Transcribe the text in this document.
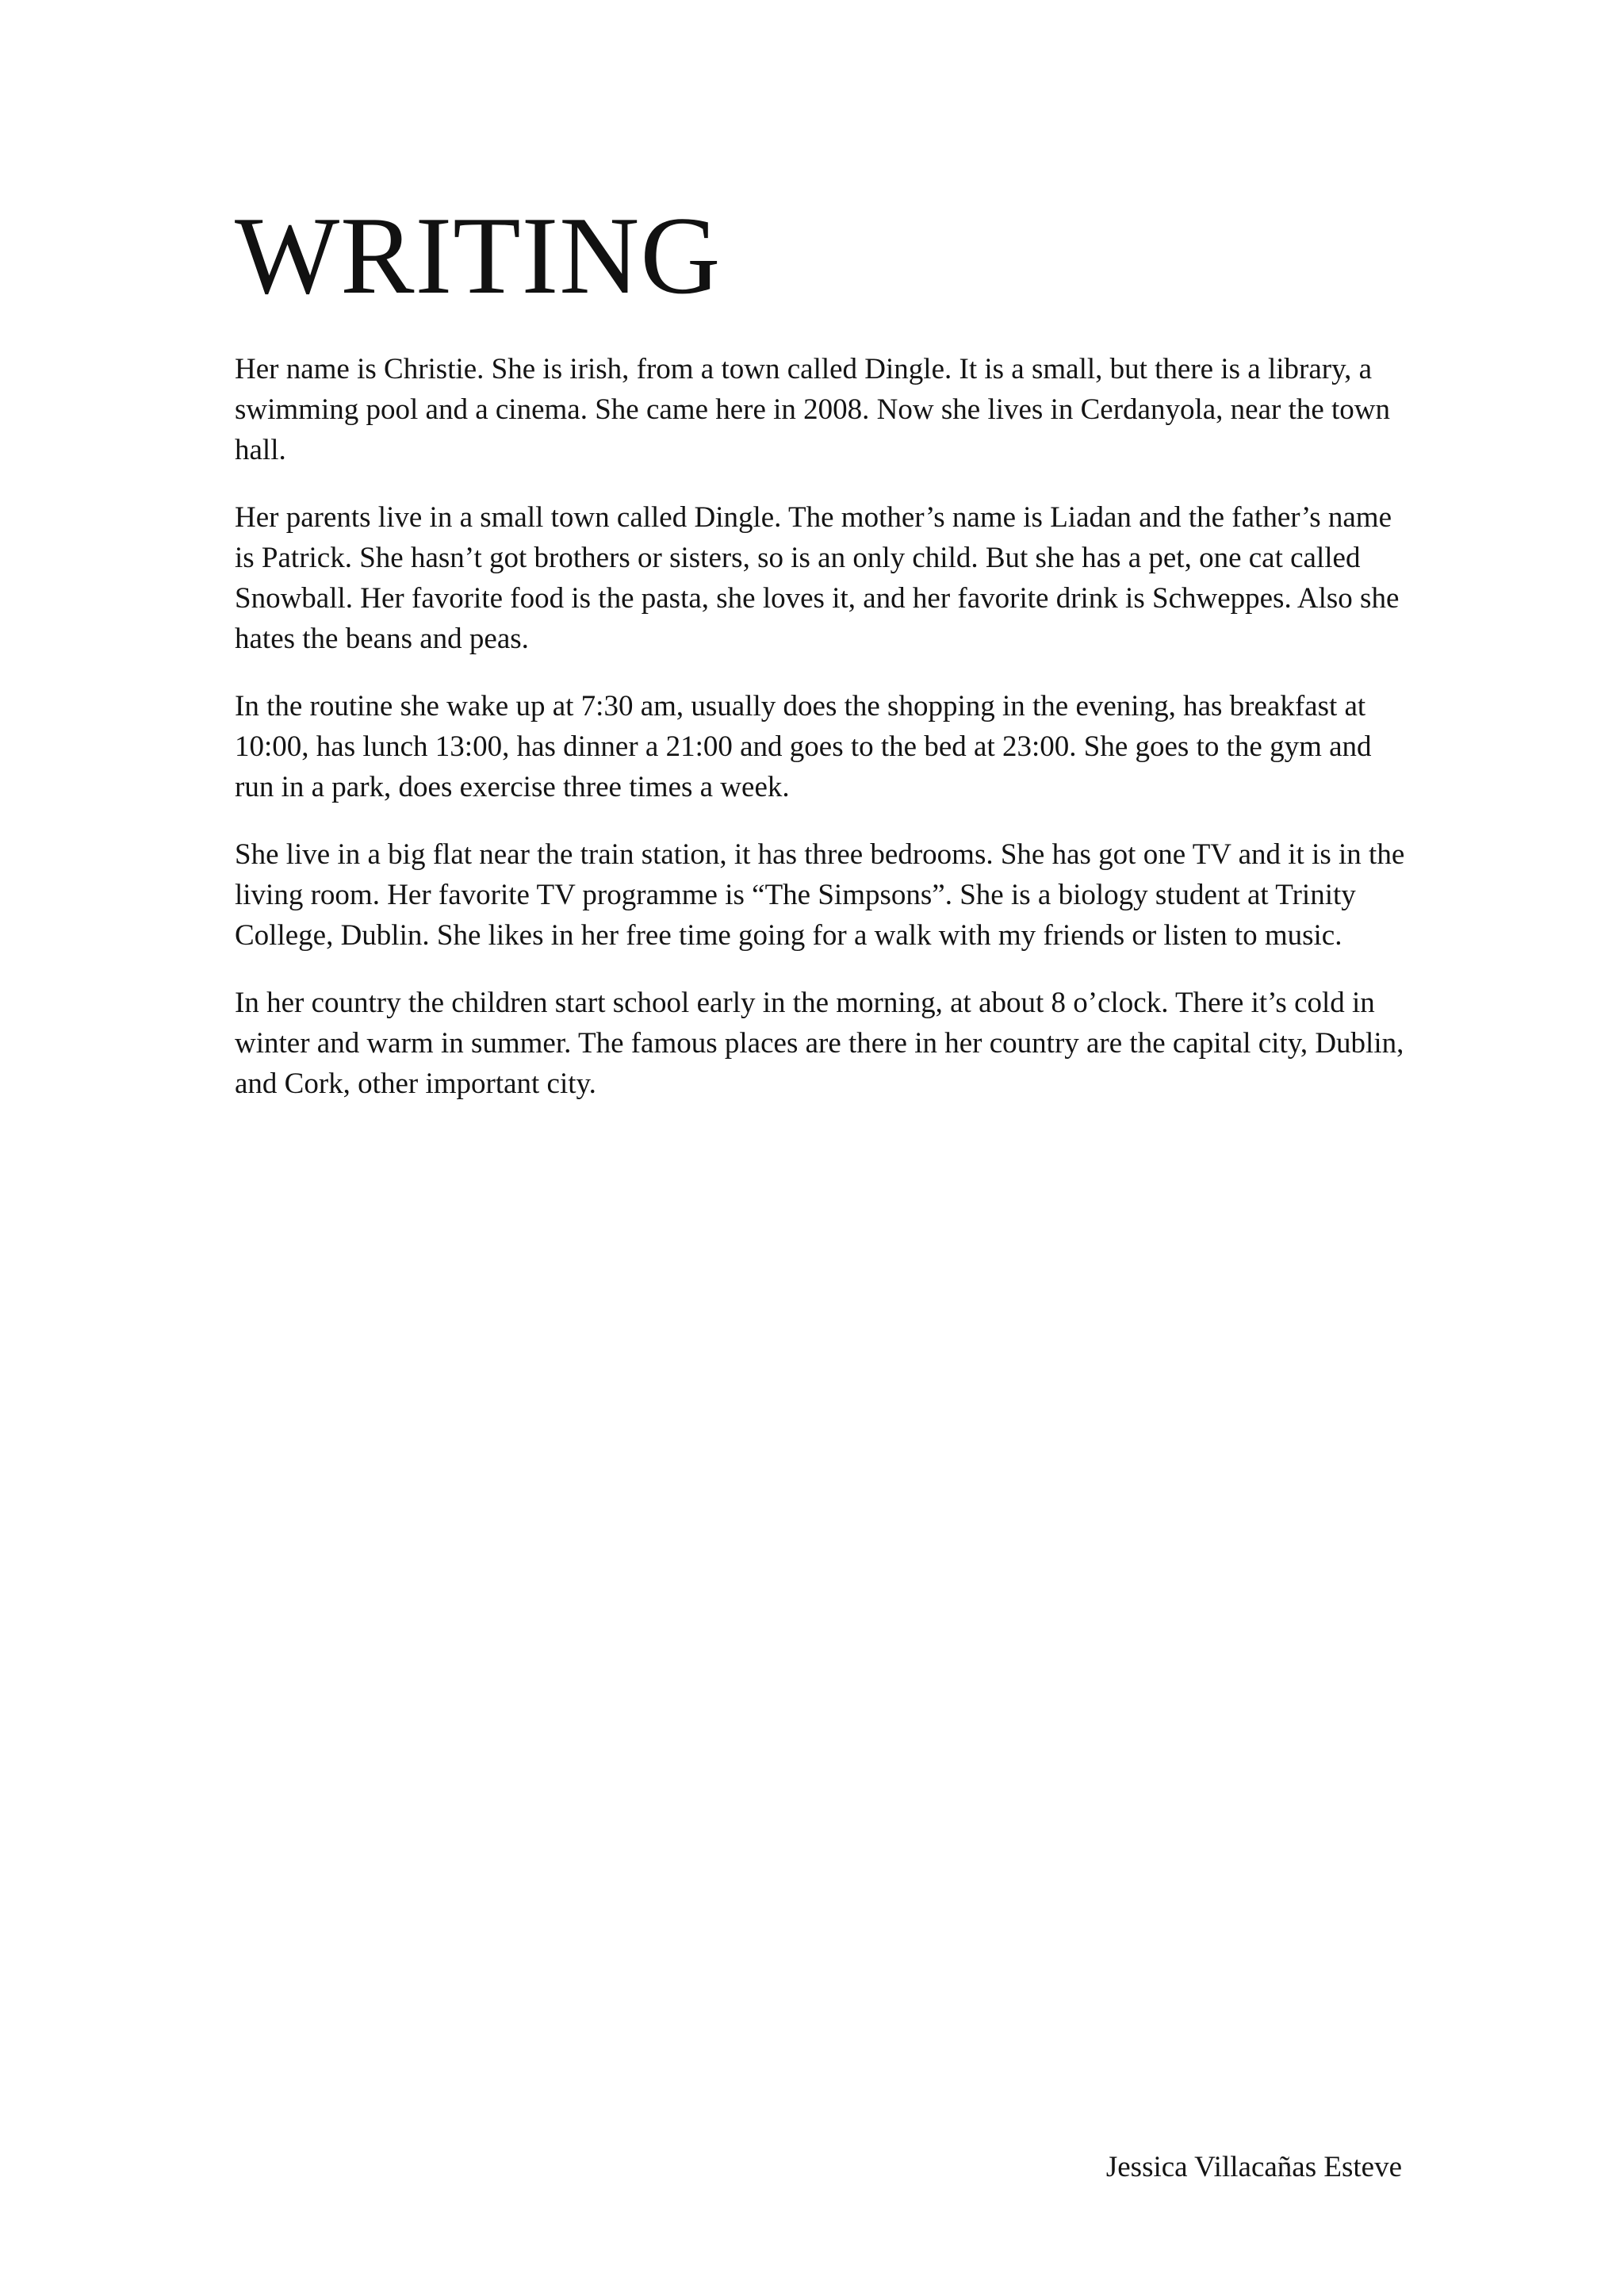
WRITING

Her name is Christie. She is irish, from a town called Dingle. It is a small, but there is a library, a swimming pool and a cinema. She came here in 2008. Now she lives in Cerdanyola, near the town hall.

Her parents live in a small town called Dingle. The mother’s name is Liadan and the father’s name is Patrick. She hasn’t got brothers or sisters, so is an only child. But she has a pet, one cat called Snowball. Her favorite food is the pasta, she loves it, and her favorite drink is Schweppes. Also she hates the beans and peas.

In the routine she wake up at 7:30 am, usually does the shopping in the evening, has breakfast at 10:00, has lunch 13:00, has dinner a 21:00 and goes to the bed at 23:00. She goes to the gym and run in a park, does exercise three times a week.

She live in a big flat near the train station, it has three bedrooms. She has got one TV and it is in the living room. Her favorite TV programme is “The Simpsons”. She is a biology student at Trinity College, Dublin. She likes in her free time going for a walk with my friends or listen to music.

In her country the children start school early in the morning, at about 8 o’clock. There it’s cold in winter and warm in summer. The famous places are there in her country are the capital city, Dublin, and Cork, other important city.

Jessica Villacañas Esteve
